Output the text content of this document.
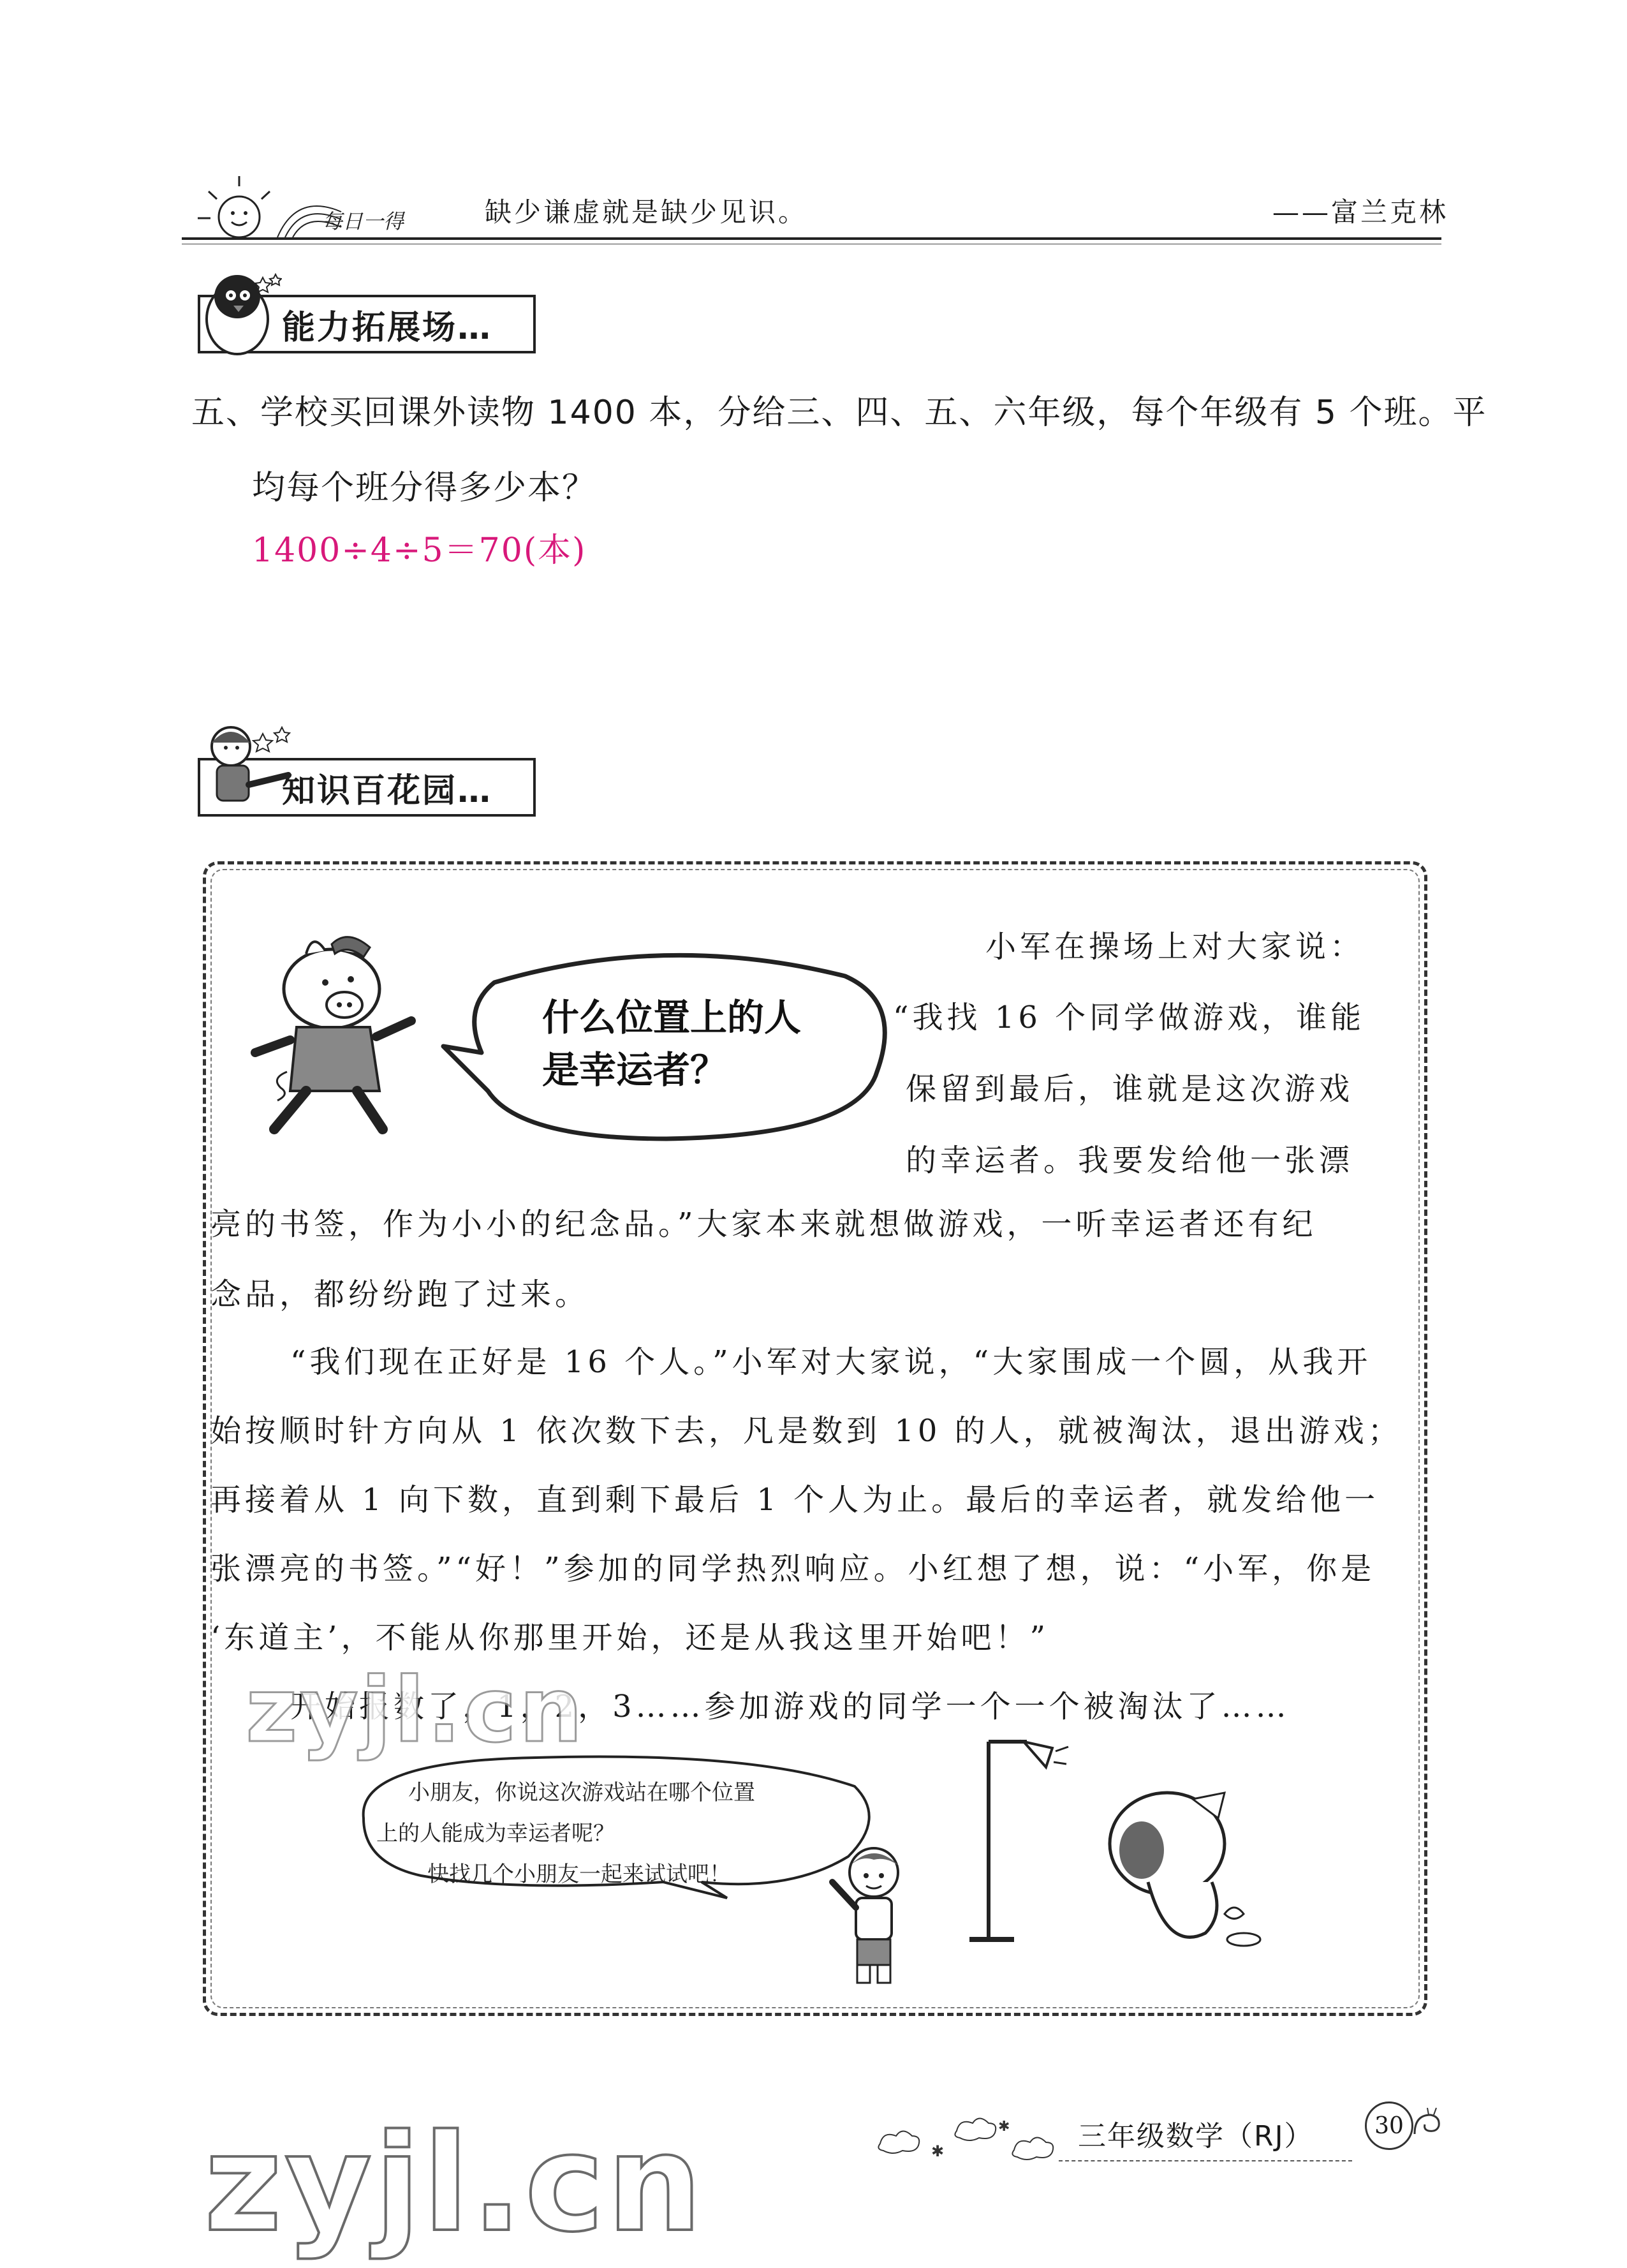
每日一得	缺少谦虚就是缺少见识。	——富兰克林
能力拓展场…
五、学校买回课外读物 1400 本，分给三、四、五、六年级，每个年级有 5 个班。平
均每个班分得多少本？
1400÷4÷5＝70(本)
知识百花园…
什么位置上的人
是幸运者？
小军在操场上对大家说：
“我找 16 个同学做游戏，谁能
保留到最后，谁就是这次游戏
的幸运者。我要发给他一张漂
亮的书签，作为小小的纪念品。”大家本来就想做游戏，一听幸运者还有纪
念品，都纷纷跑了过来。
“我们现在正好是 16 个人。”小军对大家说，“大家围成一个圆，从我开
始按顺时针方向从 1 依次数下去，凡是数到 10 的人，就被淘汰，退出游戏；
再接着从 1 向下数，直到剩下最后 1 个人为止。最后的幸运者，就发给他一
张漂亮的书签。”“好！”参加的同学热烈响应。小红想了想，说：“小军，你是
‘东道主’，不能从你那里开始，还是从我这里开始吧！”
开始报数了，1，2，3……参加游戏的同学一个一个被淘汰了……
小朋友，你说这次游戏站在哪个位置
上的人能成为幸运者呢？
快找几个小朋友一起来试试吧！
zyjl.cn
zyjl.cn	✱
✱ 三年级数学（RJ）	30
